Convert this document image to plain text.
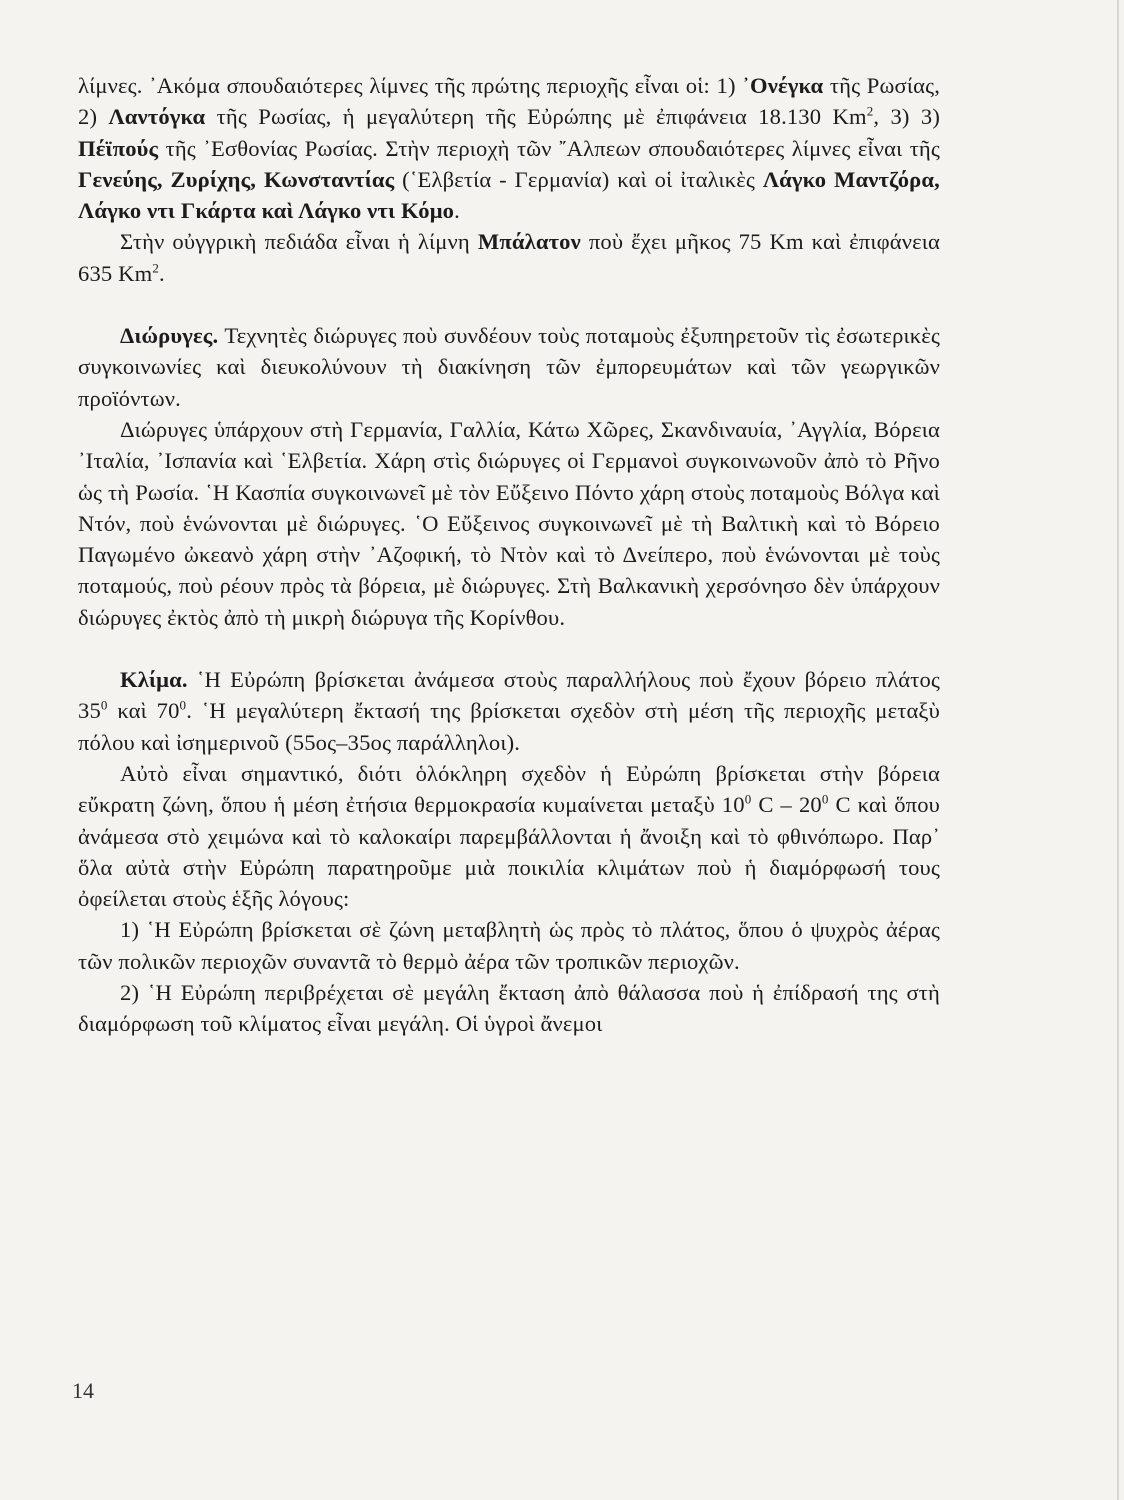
λίμνες. ᾿Ακόμα σπουδαιότερες λίμνες τῆς πρώτης περιοχῆς εἶναι οἱ: 1) ᾿Ονέγκα τῆς Ρωσίας, 2) Λαντόγκα τῆς Ρωσίας, ἡ μεγαλύτερη τῆς Εὐρώπης μὲ ἐπιφάνεια 18.130 Km$^2$, 3) 3) Πέϊπούς τῆς ᾿Εσθονίας Ρωσίας. Στὴν περιοχὴ τῶν ῎Αλπεων σπουδαιότερες λίμνες εἶναι τῆς Γενεύης, Ζυρίχης, Κωνσταντίας (῾Ελβετία - Γερμανία) καὶ οἱ ἰταλικὲς Λάγκο Μαντζόρα, Λάγκο ντι Γκάρτα καὶ Λάγκο ντι Κόμο.

Στὴν οὐγγρικὴ πεδιάδα εἶναι ἡ λίμνη Μπάλατον ποὺ ἔχει μῆκος 75 Km καὶ ἐπιφάνεια 635 Km$^2$.

Διώρυγες. Τεχνητὲς διώρυγες ποὺ συνδέουν τοὺς ποταμοὺς ἐξυπηρετοῦν τὶς ἐσωτερικὲς συγκοινωνίες καὶ διευκολύνουν τὴ διακίνηση τῶν ἐμπορευμάτων καὶ τῶν γεωργικῶν προϊόντων.

Διώρυγες ὑπάρχουν στὴ Γερμανία, Γαλλία, Κάτω Χῶρες, Σκανδιναυία, ᾿Αγγλία, Βόρεια ᾿Ιταλία, ᾿Ισπανία καὶ ῾Ελβετία. Χάρη στὶς διώρυγες οἱ Γερμανοὶ συγκοινωνοῦν ἀπὸ τὸ Ρῆνο ὡς τὴ Ρωσία. ῾Η Κασπία συγκοινωνεῖ μὲ τὸν Εὔξεινο Πόντο χάρη στοὺς ποταμοὺς Βόλγα καὶ Ντόν, ποὺ ἑνώνονται μὲ διώρυγες. ῾Ο Εὔξεινος συγκοινωνεῖ μὲ τὴ Βαλτικὴ καὶ τὸ Βόρειο Παγωμένο ὠκεανὸ χάρη στὴν ᾿Αζοφική, τὸ Ντὸν καὶ τὸ Δνείπερο, ποὺ ἑνώνονται μὲ τοὺς ποταμούς, ποὺ ρέουν πρὸς τὰ βόρεια, μὲ διώρυγες. Στὴ Βαλκανικὴ χερσόνησο δὲν ὑπάρχουν διώρυγες ἐκτὸς ἀπὸ τὴ μικρὴ διώρυγα τῆς Κορίνθου.

Κλίμα. ῾Η Εὐρώπη βρίσκεται ἀνάμεσα στοὺς παραλλήλους ποὺ ἔχουν βόρειο πλάτος $35^0$ καὶ $70^0$. ῾Η μεγαλύτερη ἔκτασή της βρίσκεται σχεδὸν στὴ μέση τῆς περιοχῆς μεταξὺ πόλου καὶ ἰσημερινοῦ (55ος–35ος παράλληλοι).

Αὐτὸ εἶναι σημαντικό, διότι ὁλόκληρη σχεδὸν ἡ Εὐρώπη βρίσκεται στὴν βόρεια εὔκρατη ζώνη, ὅπου ἡ μέση ἐτήσια θερμοκρασία κυμαίνεται μεταξὺ $10^0$ C – $20^0$ C καὶ ὅπου ἀνάμεσα στὸ χειμώνα καὶ τὸ καλοκαίρι παρεμβάλλονται ἡ ἄνοιξη καὶ τὸ φθινόπωρο. Παρ᾿ ὅλα αὐτὰ στὴν Εὐρώπη παρατηροῦμε μιὰ ποικιλία κλιμάτων ποὺ ἡ διαμόρφωσή τους ὀφείλεται στοὺς ἑξῆς λόγους:

1) ῾Η Εὐρώπη βρίσκεται σὲ ζώνη μεταβλητὴ ὡς πρὸς τὸ πλάτος, ὅπου ὁ ψυχρὸς ἀέρας τῶν πολικῶν περιοχῶν συναντᾶ τὸ θερμὸ ἀέρα τῶν τροπικῶν περιοχῶν.

2) ῾Η Εὐρώπη περιβρέχεται σὲ μεγάλη ἔκταση ἀπὸ θάλασσα ποὺ ἡ ἐπίδρασή της στὴ διαμόρφωση τοῦ κλίματος εἶναι μεγάλη. Οἱ ὑγροὶ ἄνεμοι

14
